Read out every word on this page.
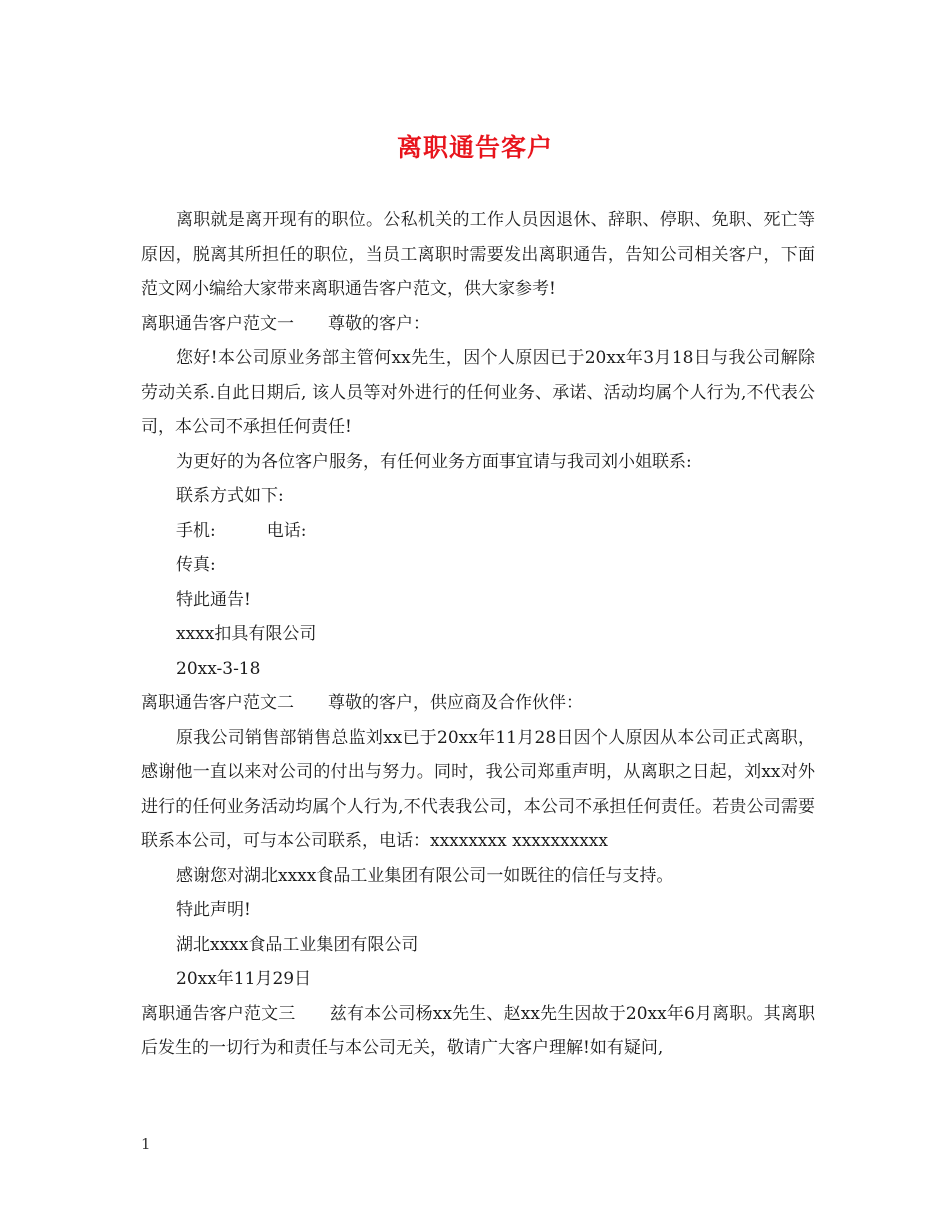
离职通告客户

离职就是离开现有的职位。公私机关的工作人员因退休、辞职、停职、免职、死亡等原因，脱离其所担任的职位，当员工离职时需要发出离职通告，告知公司相关客户，下面范文网小编给大家带来离职通告客户范文，供大家参考!

离职通告客户范文一　　尊敬的客户：

您好!本公司原业务部主管何xx先生，因个人原因已于20xx年3月18日与我公司解除劳动关系.自此日期后, 该人员等对外进行的任何业务、承诺、活动均属个人行为,不代表公司，本公司不承担任何责任!

为更好的为各位客户服务，有任何业务方面事宜请与我司刘小姐联系:

联系方式如下:

手机:　　　电话:

传真:

特此通告!

xxxx扣具有限公司

20xx-3-18

离职通告客户范文二　　尊敬的客户，供应商及合作伙伴：

原我公司销售部销售总监刘xx已于20xx年11月28日因个人原因从本公司正式离职，感谢他一直以来对公司的付出与努力。同时，我公司郑重声明，从离职之日起，刘xx对外进行的任何业务活动均属个人行为,不代表我公司，本公司不承担任何责任。若贵公司需要联系本公司，可与本公司联系，电话：xxxxxxxx xxxxxxxxxx

感谢您对湖北xxxx食品工业集团有限公司一如既往的信任与支持。

特此声明!

湖北xxxx食品工业集团有限公司

20xx年11月29日

离职通告客户范文三　　兹有本公司杨xx先生、赵xx先生因故于20xx年6月离职。其离职后发生的一切行为和责任与本公司无关，敬请广大客户理解!如有疑问,

1
